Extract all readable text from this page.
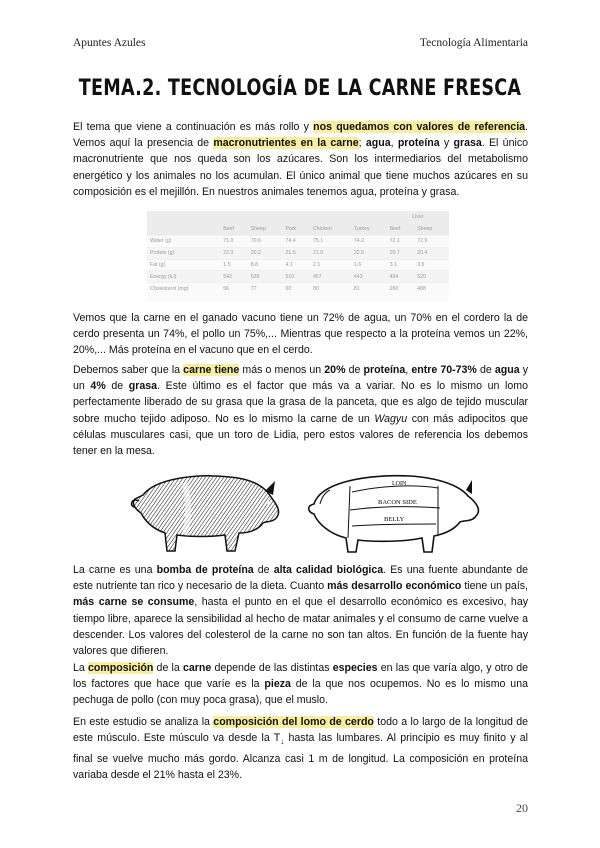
Apuntes Azules	Tecnología Alimentaria
TEMA.2. TECNOLOGÍA DE LA CARNE FRESCA

El tema que viene a continuación es más rollo y nos quedamos con valores de referencia. Vemos aquí la presencia de macronutrientes en la carne; agua, proteína y grasa. El único macronutriente que nos queda son los azúcares. Son los intermediarios del metabolismo energético y los animales no los acumulan. El único animal que tiene muchos azúcares en su composición es el mejillón. En nuestros animales tenemos agua, proteína y grasa.

						Liver	
	Beef	Sheep	Pork	Chicken	Turkey	Beef	Sheep
Water (g)	71.0	70.6	74.4	75.1	74.2	72.1	72.9
Protein (g)	22.3	20.2	21.5	21.0	22.5	20.7	20.4
Fat (g)	1.5	8.8	4.1	2.1	1.6	3.1	3.9
Energy (kJ)	542	639	510	457	443	494	520
Cholesterol (mg)	56	77	60	80	81	260	488

Vemos que la carne en el ganado vacuno tiene un 72% de agua, un 70% en el cordero la de cerdo presenta un 74%, el pollo un 75%,... Mientras que respecto a la proteína vemos un 22%, 20%,... Más proteína en el vacuno que en el cerdo.

Debemos saber que la carne tiene más o menos un 20% de proteína, entre 70-73% de agua y un 4% de grasa. Este último es el factor que más va a variar. No es lo mismo un lomo perfectamente liberado de su grasa que la grasa de la panceta, que es algo de tejido muscular sobre mucho tejido adiposo. No es lo mismo la carne de un Wagyu con más adipocitos que células musculares casi, que un toro de Lidia, pero estos valores de referencia los debemos tener en la mesa.

LOIN
BACON SIDE
BELLY

La carne es una bomba de proteína de alta calidad biológica. Es una fuente abundante de este nutriente tan rico y necesario de la dieta. Cuanto más desarrollo económico tiene un país, más carne se consume, hasta el punto en el que el desarrollo económico es excesivo, hay tiempo libre, aparece la sensibilidad al hecho de matar animales y el consumo de carne vuelve a descender. Los valores del colesterol de la carne no son tan altos. En función de la fuente hay valores que difieren.

La composición de la carne depende de las distintas especies en las que varía algo, y otro de los factores que hace que varíe es la pieza de la que nos ocupemos. No es lo mismo una pechuga de pollo (con muy poca grasa), que el muslo.

En este estudio se analiza la composición del lomo de cerdo todo a lo largo de la longitud de este músculo. Este músculo va desde la $T_↓$ hasta las lumbares. Al principio es muy finito y al final se vuelve mucho más gordo. Alcanza casi 1 m de longitud. La composición en proteína variaba desde el 21% hasta el 23%.

20
